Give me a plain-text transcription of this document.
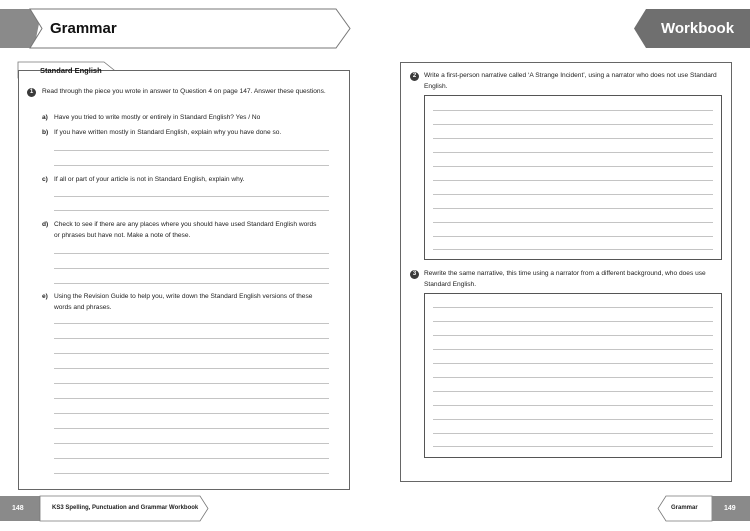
Grammar	Workbook
Standard English
1	Read through the piece you wrote in answer to Question 4 on page 147. Answer these questions.
a) Have you tried to write mostly or entirely in Standard English? Yes / No
b) If you have written mostly in Standard English, explain why you have done so.
c) If all or part of your article is not in Standard English, explain why.
d) Check to see if there are any places where you should have used Standard English words or phrases but have not. Make a note of these.
e) Using the Revision Guide to help you, write down the Standard English versions of these words and phrases.
2	Write a first-person narrative called ‘A Strange Incident’, using a narrator who does not use Standard English.
3	Rewrite the same narrative, this time using a narrator from a different background, who does use Standard English.
148	KS3 Spelling, Punctuation and Grammar Workbook	Grammar	149
